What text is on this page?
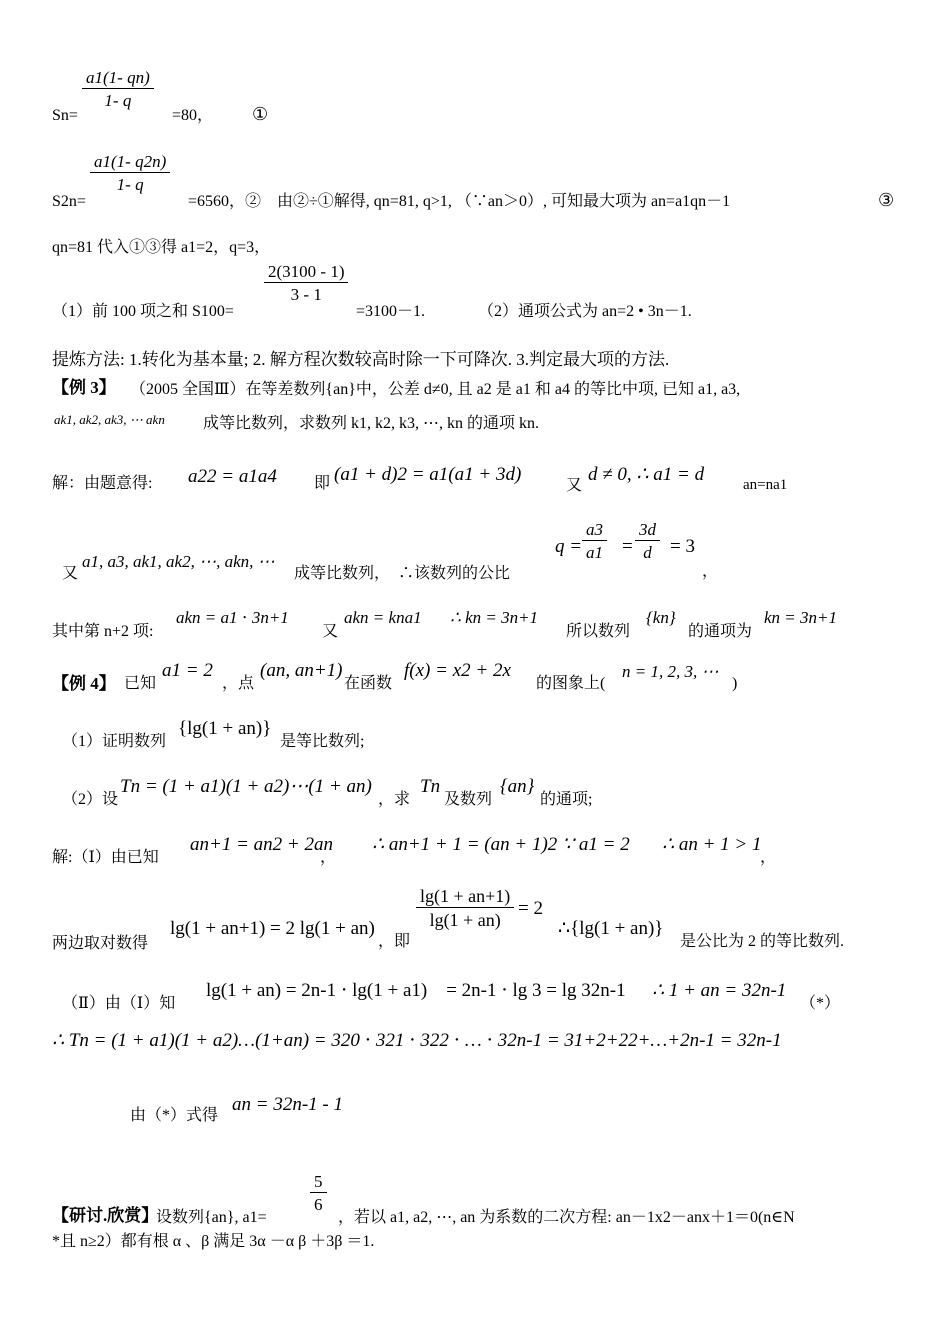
Sn=
$\frac{a1(1- qn)}{1- q}$
=80， ①
S2n=
$\frac{a1(1- q2n)}{1- q}$
=6560，②　由②÷①解得, qn=81, q>1, （∵an＞0）, 可知最大项为 an=a1qn－1	③
qn=81 代入①③得 a1=2，q=3，
（1）前 100 项之和 S100=
$\frac{2(3100 - 1)}{3 - 1}$
=3100－1.	（2）通项公式为 an=2 • 3n－1.
提炼方法: 1.转化为基本量; 2. 解方程次数较高时除一下可降次. 3.判定最大项的方法.
【例 3】 （2005 全国Ⅲ）在等差数列{an}中，公差 d≠0, 且 a2 是 a1 和 a4 的等比中项, 已知 a1, a3,
ak1, ak2, ak3, ⋯ akn 成等比数列，求数列 k1, k2, k3, ⋯, kn 的通项 kn.
解：由题意得: a22 = a1a4 即 (a1 + d)2 = a1(a1 + 3d)
又
d ≠ 0, ∴ a1 = d	an=na1
又
a1, a3, ak1, ak2, ⋯, akn, ⋯
成等比数列，　∴该数列的公比
$q = \frac{a3}{a1} = \frac{3d}{d} = 3$
，
其中第 n+2 项:
akn = a1 ⋅ 3n+1
又
akn = kna1 ∴ kn = 3n+1
所以数列
{kn}
的通项为
kn = 3n+1
【例 4】 已知
a1 = 2
，点
(an, an+1)
在函数
f(x) = x2 + 2x
的图象上(
n = 1, 2, 3, ⋯
)
（1）证明数列
{lg(1 + an)}
是等比数列;
（2）设
Tn = (1 + a1)(1 + a2)⋯(1 + an)
，求
Tn
及数列
{an}
的通项;
解:（Ⅰ）由已知
an+1 = an2 + 2an
，
∴ an+1 + 1 = (an + 1)2 ∵ a1 = 2 ∴ an + 1 > 1
，
两边取对数得
lg(1 + an+1) = 2 lg(1 + an)
，即
$\frac{\lg(1 + an+1)}{\lg(1 + an)} = 2$
∴{lg(1 + an)}
是公比为 2 的等比数列.
（Ⅱ）由（Ⅰ）知
lg(1 + an) = 2n-1 ⋅ lg(1 + a1)　= 2n-1 ⋅ lg 3 = lg 32n-1 ∴ 1 + an = 32n-1
（*）
∴ Tn = (1 + a1)(1 + a2)…(1+an) = 320 ⋅ 321 ⋅ 322 ⋅ … ⋅ 32n-1 = 31+2+22+…+2n-1 = 32n-1
由（*）式得
an = 32n-1 - 1
【研讨.欣赏】
设数列{an}, a1=
$\frac{5}{6}$
，若以 a1, a2, ⋯, an 为系数的二次方程: an－1x2－anx＋1＝0(n∈N
*且 n≥2）都有根 α 、β 满足 3α －α β ＋3β ＝1.
